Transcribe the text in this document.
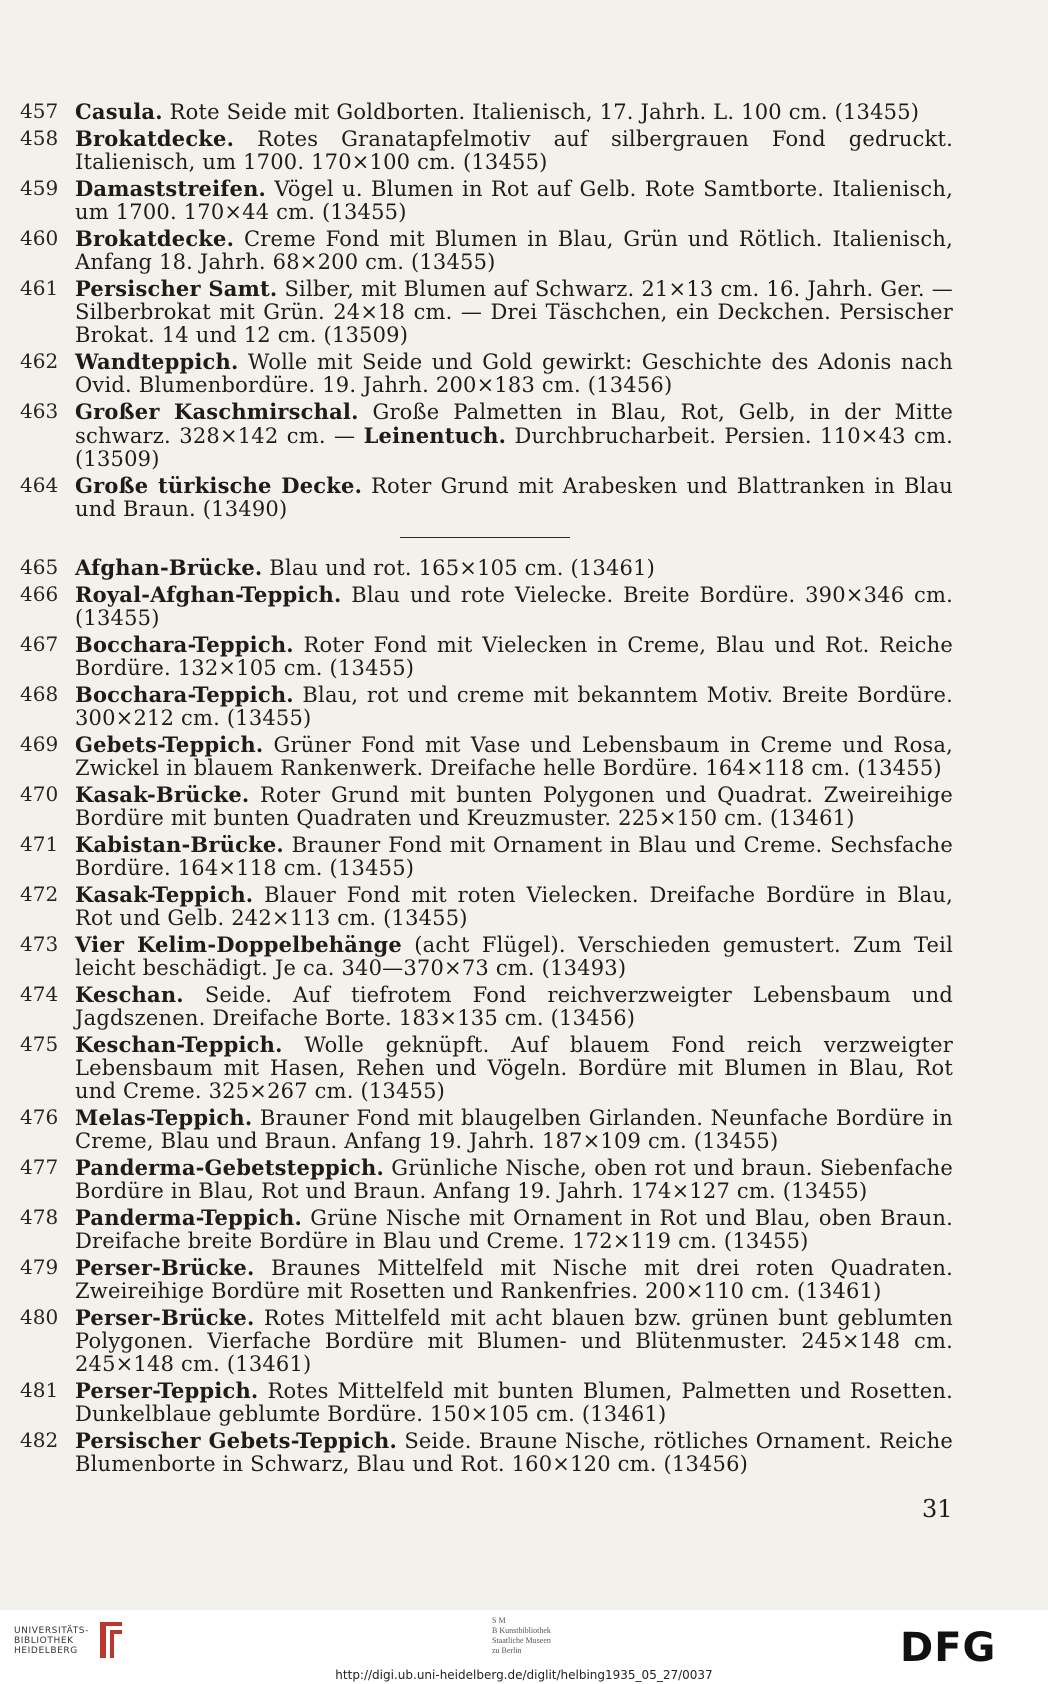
457 Casula. Rote Seide mit Goldborten. Italienisch, 17. Jahrh. L. 100 cm. (13455)
458 Brokatdecke. Rotes Granatapfelmotiv auf silbergrauen Fond gedruckt. Italienisch, um 1700. 170×100 cm. (13455)
459 Damaststreifen. Vögel u. Blumen in Rot auf Gelb. Rote Samtborte. Italienisch, um 1700. 170×44 cm. (13455)
460 Brokatdecke. Creme Fond mit Blumen in Blau, Grün und Rötlich. Italienisch, Anfang 18. Jahrh. 68×200 cm. (13455)
461 Persischer Samt. Silber, mit Blumen auf Schwarz. 21×13 cm. 16. Jahrh. Ger. — Silberbrokat mit Grün. 24×18 cm. — Drei Täschchen, ein Deckchen. Persischer Brokat. 14 und 12 cm. (13509)
462 Wandteppich. Wolle mit Seide und Gold gewirkt: Geschichte des Adonis nach Ovid. Blumenbordüre. 19. Jahrh. 200×183 cm. (13456)
463 Großer Kaschmirschal. Große Palmetten in Blau, Rot, Gelb, in der Mitte schwarz. 328×142 cm. — Leinentuch. Durchbrucharbeit. Persien. 110×43 cm. (13509)
464 Große türkische Decke. Roter Grund mit Arabesken und Blattranken in Blau und Braun. (13490)
465 Afghan-Brücke. Blau und rot. 165×105 cm. (13461)
466 Royal-Afghan-Teppich. Blau und rote Vielecke. Breite Bordüre. 390×346 cm. (13455)
467 Bocchara-Teppich. Roter Fond mit Vielecken in Creme, Blau und Rot. Reiche Bordüre. 132×105 cm. (13455)
468 Bocchara-Teppich. Blau, rot und creme mit bekanntem Motiv. Breite Bordüre. 300×212 cm. (13455)
469 Gebets-Teppich. Grüner Fond mit Vase und Lebensbaum in Creme und Rosa, Zwickel in blauem Rankenwerk. Dreifache helle Bordüre. 164×118 cm. (13455)
470 Kasak-Brücke. Roter Grund mit bunten Polygonen und Quadrat. Zweireihige Bordüre mit bunten Quadraten und Kreuzmuster. 225×150 cm. (13461)
471 Kabistan-Brücke. Brauner Fond mit Ornament in Blau und Creme. Sechsfache Bordüre. 164×118 cm. (13455)
472 Kasak-Teppich. Blauer Fond mit roten Vielecken. Dreifache Bordüre in Blau, Rot und Gelb. 242×113 cm. (13455)
473 Vier Kelim-Doppelbehänge (acht Flügel). Verschieden gemustert. Zum Teil leicht beschädigt. Je ca. 340—370×73 cm. (13493)
474 Keschan. Seide. Auf tiefrotem Fond reichverzweigter Lebensbaum und Jagdszenen. Dreifache Borte. 183×135 cm. (13456)
475 Keschan-Teppich. Wolle geknüpft. Auf blauem Fond reich verzweigter Lebensbaum mit Hasen, Rehen und Vögeln. Bordüre mit Blumen in Blau, Rot und Creme. 325×267 cm. (13455)
476 Melas-Teppich. Brauner Fond mit blaugelben Girlanden. Neunfache Bordüre in Creme, Blau und Braun. Anfang 19. Jahrh. 187×109 cm. (13455)
477 Panderma-Gebetsteppich. Grünliche Nische, oben rot und braun. Siebenfache Bordüre in Blau, Rot und Braun. Anfang 19. Jahrh. 174×127 cm. (13455)
478 Panderma-Teppich. Grüne Nische mit Ornament in Rot und Blau, oben Braun. Dreifache breite Bordüre in Blau und Creme. 172×119 cm. (13455)
479 Perser-Brücke. Braunes Mittelfeld mit Nische mit drei roten Quadraten. Zweireihige Bordüre mit Rosetten und Rankenfries. 200×110 cm. (13461)
480 Perser-Brücke. Rotes Mittelfeld mit acht blauen bzw. grünen bunt geblumten Polygonen. Vierfache Bordüre mit Blumen- und Blütenmuster. 245×148 cm. 245×148 cm. (13461)
481 Perser-Teppich. Rotes Mittelfeld mit bunten Blumen, Palmetten und Rosetten. Dunkelblaue geblumte Bordüre. 150×105 cm. (13461)
482 Persischer Gebets-Teppich. Seide. Braune Nische, rötliches Ornament. Reiche Blumenborte in Schwarz, Blau und Rot. 160×120 cm. (13456)
31
UNIVERSITÄTS-
BIBLIOTHEK
HEIDELBERG
S M
B Kunstbibliothek
Staatliche Museen
zu Berlin	DFG
http://digi.ub.uni-heidelberg.de/diglit/helbing1935_05_27/0037
